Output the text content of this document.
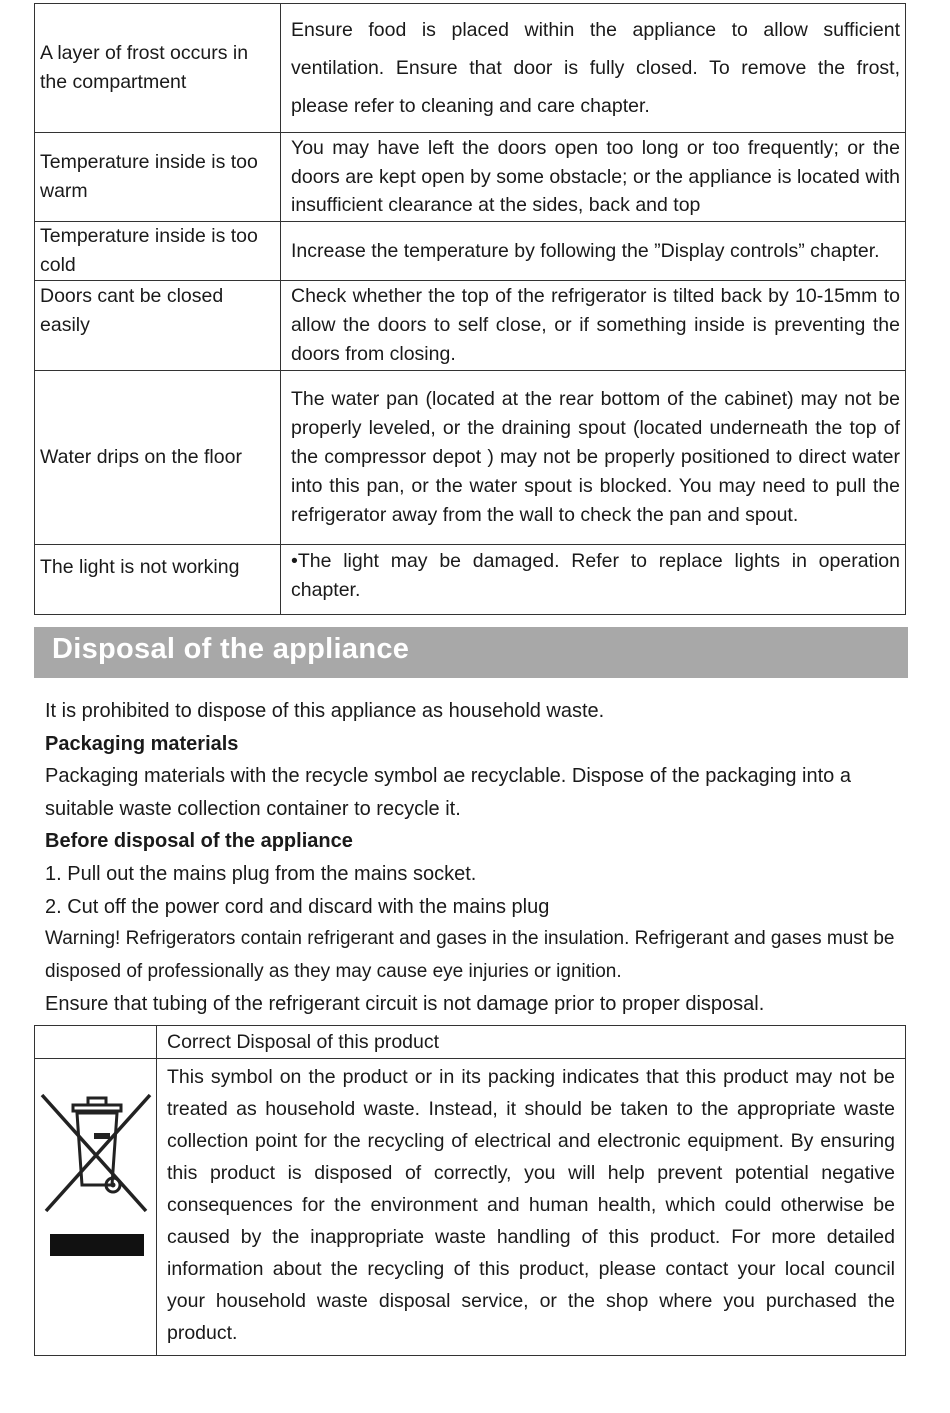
A layer of frost occurs in the compartment	Ensure food is placed within the appliance to allow sufficient ventilation. Ensure that door is fully closed. To remove the frost, please refer to cleaning and care chapter.
Temperature inside is too warm	You may have left the doors open too long or too frequently; or the doors are kept open by some obstacle; or the appliance is located with insufficient clearance at the sides, back and top
Temperature inside is too cold	Increase the temperature by following the ”Display controls” chapter.
Doors cant be closed easily	Check whether the top of the refrigerator is tilted back by 10-15mm to allow the doors to self close, or if something inside is preventing the doors from closing.
Water drips on the floor	The water pan (located at the rear bottom of the cabinet) may not be properly leveled, or the draining spout (located underneath the top of the compressor depot ) may not be properly positioned to direct water into this pan, or the water spout is blocked. You may need to pull the refrigerator away from the wall to check the pan and spout.
The light is not working	•The light may be damaged. Refer to replace lights in operation chapter.
Disposal of the appliance

It is prohibited to dispose of this appliance as household waste.

Packaging materials

Packaging materials with the recycle symbol ae recyclable. Dispose of the packaging into a suitable waste collection container to recycle it.

Before disposal of the appliance

1. Pull out the mains plug from the mains socket.

2. Cut off the power cord and discard with the mains plug

Warning! Refrigerators contain refrigerant and gases in the insulation. Refrigerant and gases must be disposed of professionally as they may cause eye injuries or ignition.

Ensure that tubing of the refrigerant circuit is not damage prior to proper disposal.

	Correct Disposal of this product

	This symbol on the product or in its packing indicates that this product may not be treated as household waste. Instead, it should be taken to the appropriate waste collection point for the recycling of electrical and electronic equipment. By ensuring this product is disposed of correctly, you will help prevent potential negative consequences for the environment and human health, which could otherwise be caused by the inappropriate waste handling of this product. For more detailed information about the recycling of this product, please contact your local council your household waste disposal service, or the shop where you purchased the product.
